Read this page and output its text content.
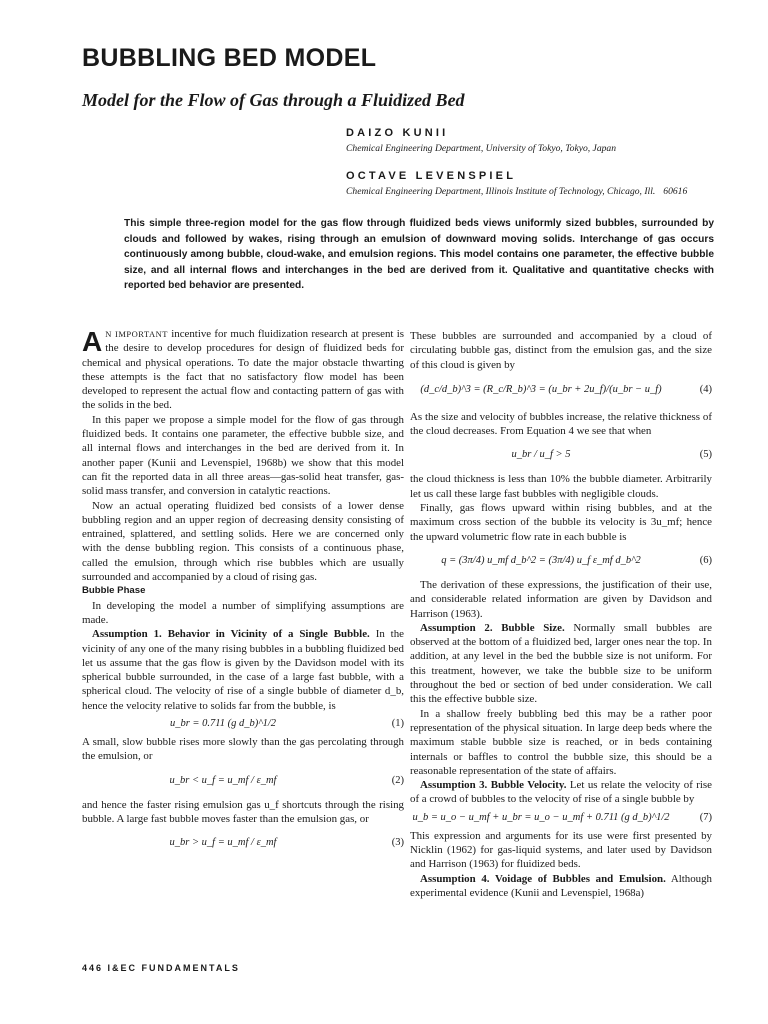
BUBBLING BED MODEL
Model for the Flow of Gas through a Fluidized Bed
DAIZO KUNII
Chemical Engineering Department, University of Tokyo, Tokyo, Japan
OCTAVE LEVENSPIEL
Chemical Engineering Department, Illinois Institute of Technology, Chicago, Ill. 60616

This simple three-region model for the gas flow through fluidized beds views uniformly sized bubbles, surrounded by clouds and followed by wakes, rising through an emulsion of downward moving solids. Interchange of gas occurs continuously among bubble, cloud-wake, and emulsion regions. This model contains one parameter, the effective bubble size, and all internal flows and interchanges in the bed are derived from it. Qualitative and quantitative checks with reported bed behavior are presented.

AN IMPORTANT incentive for much fluidization research at present is the desire to develop procedures for design of fluidized beds for chemical and physical operations. To date the major obstacle thwarting these attempts is the fact that no satisfactory flow model has been developed to represent the actual flow and contacting pattern of gas with the solids in the bed.

In this paper we propose a simple model for the flow of gas through fluidized beds. It contains one parameter, the effective bubble size, and all internal flows and interchanges in the bed are derived from it. In another paper (Kunii and Levenspiel, 1968b) we show that this model can fit the reported data in all three areas—gas-solid heat transfer, gas-solid mass transfer, and conversion in catalytic reactions.

Now an actual operating fluidized bed consists of a lower dense bubbling region and an upper region of decreasing density consisting of entrained, splattered, and settling solids. Here we are concerned only with the dense bubbling region. This consists of a continuous phase, called the emulsion, through which rise bubbles which are usually surrounded and accompanied by a cloud of rising gas.

Bubble Phase

In developing the model a number of simplifying assumptions are made.

Assumption 1. Behavior in Vicinity of a Single Bubble. In the vicinity of any one of the many rising bubbles in a bubbling fluidized bed let us assume that the gas flow is given by the Davidson model with its spherical bubble surrounded, in the case of a large fast bubble, with a spherical cloud. The velocity of rise of a single bubble of diameter d_b, hence the velocity relative to solids far from the bubble, is

u_br = 0.711 (g d_b)^1/2	(1)

A small, slow bubble rises more slowly than the gas percolating through the emulsion, or

u_br < u_f = u_mf / ε_mf	(2)

and hence the faster rising emulsion gas u_f shortcuts through the rising bubble. A large fast bubble moves faster than the emulsion gas, or

u_br > u_f = u_mf / ε_mf	(3)

These bubbles are surrounded and accompanied by a cloud of circulating bubble gas, distinct from the emulsion gas, and the size of this cloud is given by

(d_c/d_b)^3 = (R_c/R_b)^3 = (u_br + 2u_f)/(u_br − u_f)	(4)

As the size and velocity of bubbles increase, the relative thickness of the cloud decreases. From Equation 4 we see that when

u_br / u_f > 5	(5)

the cloud thickness is less than 10% the bubble diameter. Arbitrarily let us call these large fast bubbles with negligible clouds.

Finally, gas flows upward within rising bubbles, and at the maximum cross section of the bubble its velocity is 3u_mf; hence the upward volumetric flow rate in each bubble is

q = (3π/4) u_mf d_b^2 = (3π/4) u_f ε_mf d_b^2	(6)

The derivation of these expressions, the justification of their use, and considerable related information are given by Davidson and Harrison (1963).

Assumption 2. Bubble Size. Normally small bubbles are observed at the bottom of a fluidized bed, larger ones near the top. In addition, at any level in the bed the bubble size is not uniform. For this treatment, however, we take the bubble size to be uniform throughout the bed or section of bed under consideration. We call this the effective bubble size.

In a shallow freely bubbling bed this may be a rather poor representation of the physical situation. In large deep beds where the maximum stable bubble size is reached, or in beds containing internals or baffles to control the bubble size, this should be a reasonable representation of the state of affairs.

Assumption 3. Bubble Velocity. Let us relate the velocity of rise of a crowd of bubbles to the velocity of rise of a single bubble by

u_b = u_o − u_mf + u_br = u_o − u_mf + 0.711 (g d_b)^1/2	(7)

This expression and arguments for its use were first presented by Nicklin (1962) for gas-liquid systems, and later used by Davidson and Harrison (1963) for fluidized beds.

Assumption 4. Voidage of Bubbles and Emulsion. Although experimental evidence (Kunii and Levenspiel, 1968a)

446 I&EC FUNDAMENTALS
